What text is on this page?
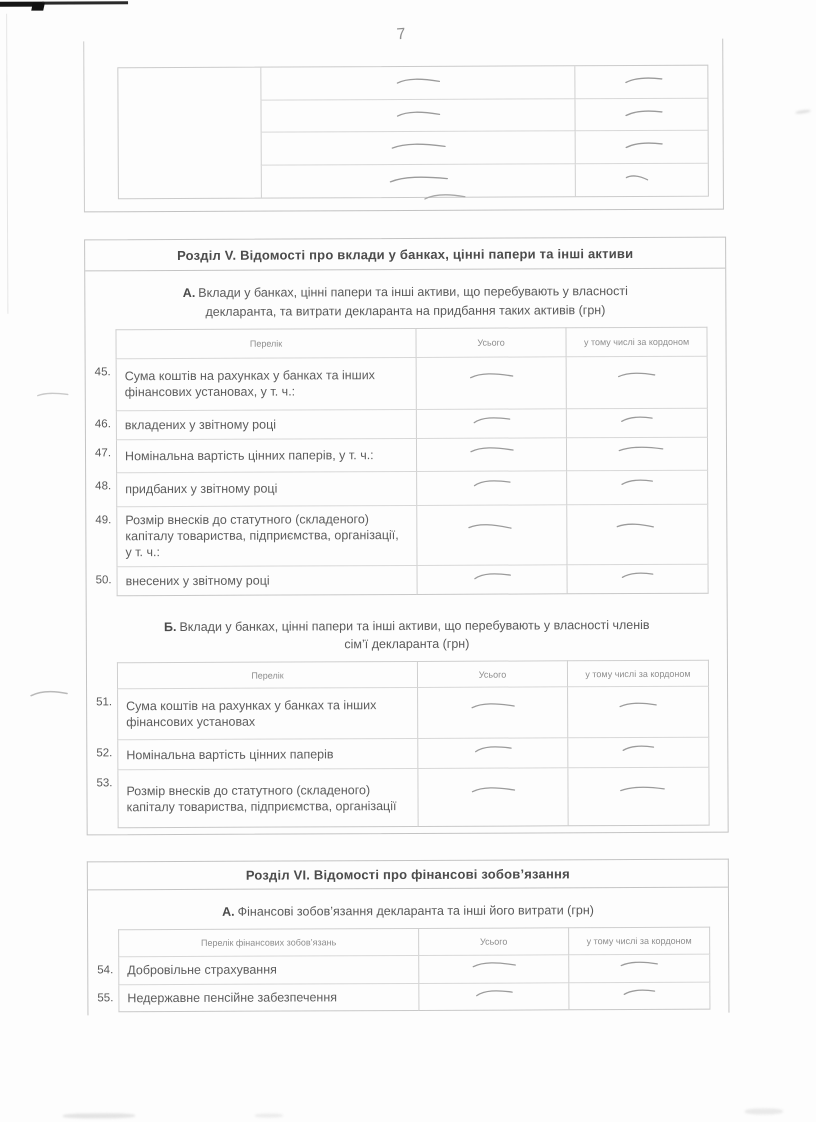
7
Розділ V. Відомості про вклади у банках, цінні папери та інші активи
А. Вклади у банках, цінні папери та інші активи, що перебувають у власності декларанта, та витрати декларанта на придбання таких активів (грн)
Перелік	Усього	у тому числі за кордоном
45.	Сума коштів на рахунках у банках та інших фінансових установах, у т. ч.:
46.	вкладених у звітному році
47.	Номінальна вартість цінних паперів, у т. ч.:
48.	придбаних у звітному році
49.	Розмір внесків до статутного (складеного) капіталу товариства, підприємства, організації, у т. ч.:
50.	внесених у звітному році
Б. Вклади у банках, цінні папери та інші активи, що перебувають у власності членів сім’ї декларанта (грн)
Перелік	Усього	у тому числі за кордоном
51.	Сума коштів на рахунках у банках та інших фінансових установах
52.	Номінальна вартість цінних паперів
53.	Розмір внесків до статутного (складеного) капіталу товариства, підприємства, організації
Розділ VI. Відомості про фінансові зобов’язання
А. Фінансові зобов’язання декларанта та інші його витрати (грн)
Перелік фінансових зобов’язань	Усього	у тому числі за кордоном
54.	Добровільне страхування
55.	Недержавне пенсійне забезпечення
